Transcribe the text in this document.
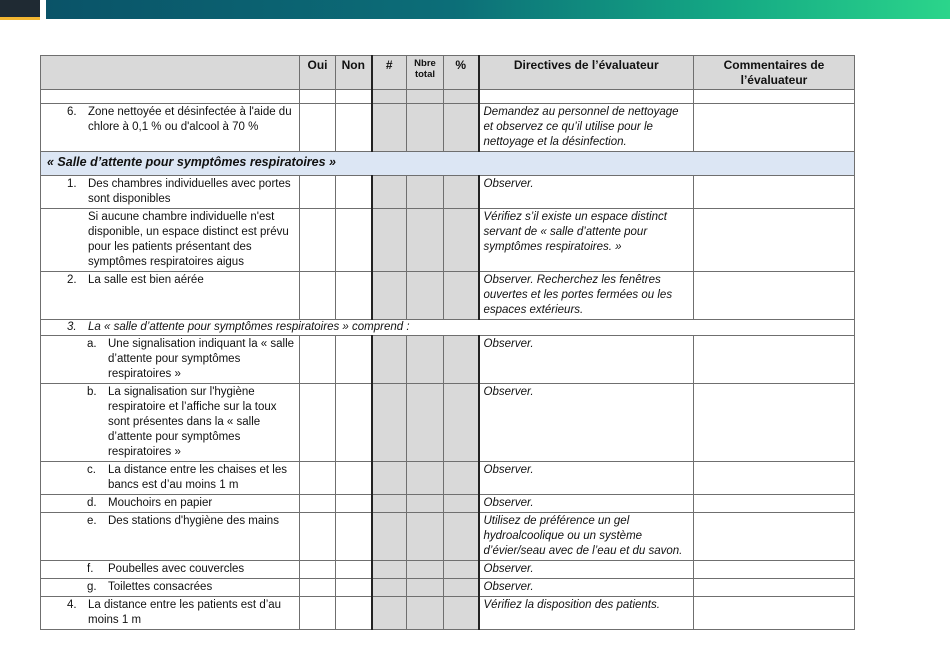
	Oui	Non	#	Nbre total	%	Directives de l’évaluateur	Commentaires de l’évaluateur

6. Zone nettoyée et désinfectée à l'aide du chlore à 0,1 % ou d'alcool à 70 %						Demandez au personnel de nettoyage et observez ce qu’il utilise pour le nettoyage et la désinfection.	
« Salle d’attente pour symptômes respiratoires »							

1. Des chambres individuelles avec portes sont disponibles						Observer.	

Si aucune chambre individuelle n'est disponible, un espace distinct est prévu pour les patients présentant des symptômes respiratoires aigus						Vérifiez s’il existe un espace distinct servant de « salle d’attente pour symptômes respiratoires. »	

2. La salle est bien aérée						Observer. Recherchez les fenêtres ouvertes et les portes fermées ou les espaces extérieurs.	

3. La « salle d’attente pour symptômes respiratoires » comprend :							

a. Une signalisation indiquant la « salle d’attente pour symptômes respiratoires »						Observer.	

b. La signalisation sur l'hygiène respiratoire et l’affiche sur la toux sont présentes dans la « salle d’attente pour symptômes respiratoires »						Observer.	

c. La distance entre les chaises et les bancs est d’au moins 1 m						Observer.	

d. Mouchoirs en papier						Observer.	

e. Des stations d'hygiène des mains						Utilisez de préférence un gel hydroalcoolique ou un système d’évier/seau avec de l’eau et du savon.	

f. Poubelles avec couvercles						Observer.	

g. Toilettes consacrées						Observer.	

4. La distance entre les patients est d’au moins 1 m						Vérifiez la disposition des patients.	
